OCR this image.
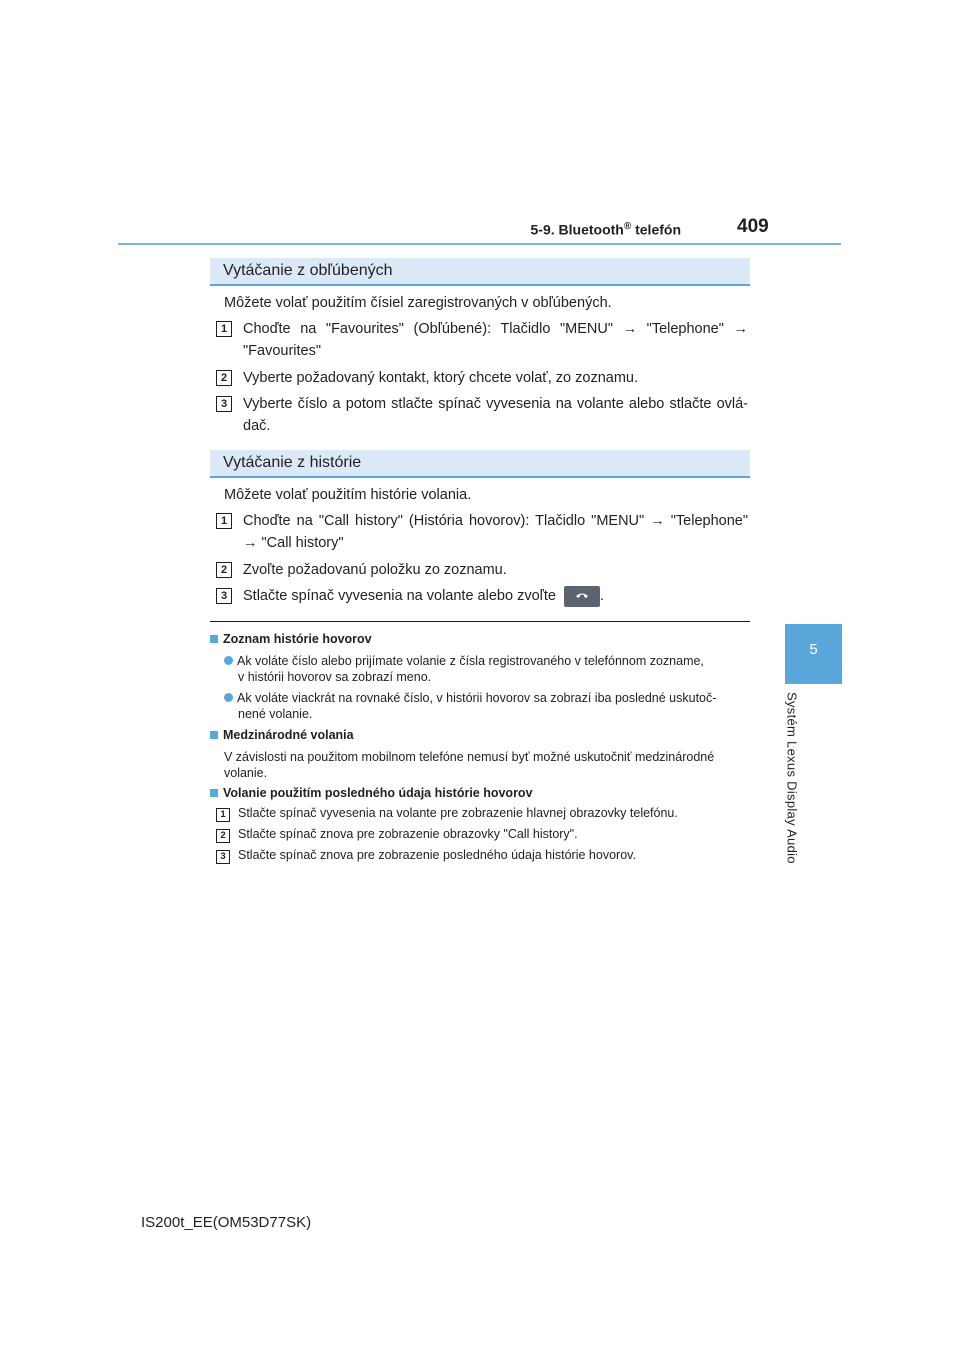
5-9. Bluetooth® telefón	409
5
Systém Lexus Display Audio
Vytáčanie z obľúbených
Môžete volať použitím čísiel zaregistrovaných v obľúbených.
1	Choďte na "Favourites" (Obľúbené): Tlačidlo "MENU" → "Telephone" → "Favourites"
2	Vyberte požadovaný kontakt, ktorý chcete volať, zo zoznamu.
3	Vyberte číslo a potom stlačte spínač vyvesenia na volante alebo stlačte ovlá-dač.
Vytáčanie z histórie
Môžete volať použitím histórie volania.
1	Choďte na "Call history" (História hovorov): Tlačidlo "MENU" → "Telephone" → "Call history"
2	Zvoľte požadovanú položku zo zoznamu.
3	Stlačte spínač vyvesenia na volante alebo zvoľte	.
Zoznam histórie hovorov
Ak voláte číslo alebo prijímate volanie z čísla registrovaného v telefónnom zozname,
v histórii hovorov sa zobrazí meno.
Ak voláte viackrát na rovnaké číslo, v histórii hovorov sa zobrazí iba posledné uskutoč-
nené volanie.
Medzinárodné volania
V závislosti na použitom mobilnom telefóne nemusí byť možné uskutočniť medzinárodné
volanie.
Volanie použitím posledného údaja histórie hovorov
1 Stlačte spínač vyvesenia na volante pre zobrazenie hlavnej obrazovky telefónu.
2 Stlačte spínač znova pre zobrazenie obrazovky "Call history".
3 Stlačte spínač znova pre zobrazenie posledného údaja histórie hovorov.
IS200t_EE(OM53D77SK)
